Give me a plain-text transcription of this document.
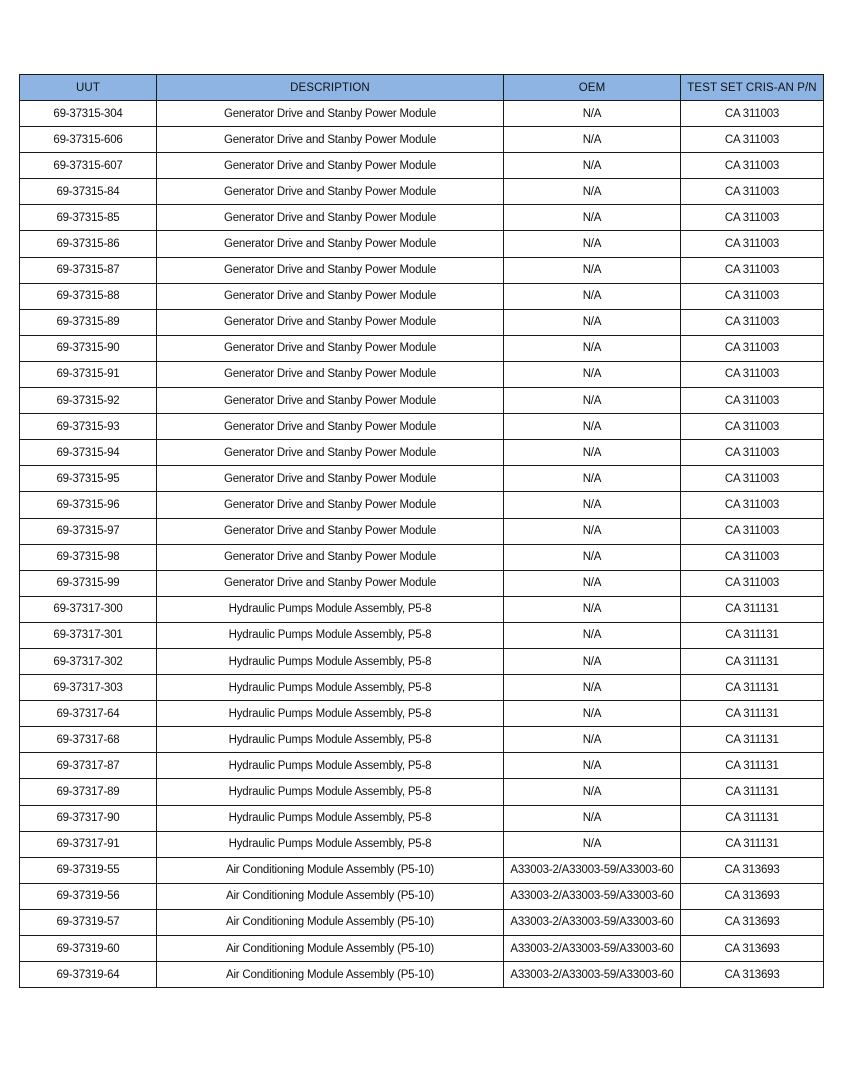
UUT	DESCRIPTION	OEM	TEST SET CRIS-AN P/N
69-37315-304	Generator Drive and Stanby Power Module	N/A	CA 311003
69-37315-606	Generator Drive and Stanby Power Module	N/A	CA 311003
69-37315-607	Generator Drive and Stanby Power Module	N/A	CA 311003
69-37315-84	Generator Drive and Stanby Power Module	N/A	CA 311003
69-37315-85	Generator Drive and Stanby Power Module	N/A	CA 311003
69-37315-86	Generator Drive and Stanby Power Module	N/A	CA 311003
69-37315-87	Generator Drive and Stanby Power Module	N/A	CA 311003
69-37315-88	Generator Drive and Stanby Power Module	N/A	CA 311003
69-37315-89	Generator Drive and Stanby Power Module	N/A	CA 311003
69-37315-90	Generator Drive and Stanby Power Module	N/A	CA 311003
69-37315-91	Generator Drive and Stanby Power Module	N/A	CA 311003
69-37315-92	Generator Drive and Stanby Power Module	N/A	CA 311003
69-37315-93	Generator Drive and Stanby Power Module	N/A	CA 311003
69-37315-94	Generator Drive and Stanby Power Module	N/A	CA 311003
69-37315-95	Generator Drive and Stanby Power Module	N/A	CA 311003
69-37315-96	Generator Drive and Stanby Power Module	N/A	CA 311003
69-37315-97	Generator Drive and Stanby Power Module	N/A	CA 311003
69-37315-98	Generator Drive and Stanby Power Module	N/A	CA 311003
69-37315-99	Generator Drive and Stanby Power Module	N/A	CA 311003
69-37317-300	Hydraulic Pumps Module Assembly, P5-8	N/A	CA 311131
69-37317-301	Hydraulic Pumps Module Assembly, P5-8	N/A	CA 311131
69-37317-302	Hydraulic Pumps Module Assembly, P5-8	N/A	CA 311131
69-37317-303	Hydraulic Pumps Module Assembly, P5-8	N/A	CA 311131
69-37317-64	Hydraulic Pumps Module Assembly, P5-8	N/A	CA 311131
69-37317-68	Hydraulic Pumps Module Assembly, P5-8	N/A	CA 311131
69-37317-87	Hydraulic Pumps Module Assembly, P5-8	N/A	CA 311131
69-37317-89	Hydraulic Pumps Module Assembly, P5-8	N/A	CA 311131
69-37317-90	Hydraulic Pumps Module Assembly, P5-8	N/A	CA 311131
69-37317-91	Hydraulic Pumps Module Assembly, P5-8	N/A	CA 311131
69-37319-55	Air Conditioning Module Assembly (P5-10)	A33003-2/A33003-59/A33003-60	CA 313693
69-37319-56	Air Conditioning Module Assembly (P5-10)	A33003-2/A33003-59/A33003-60	CA 313693
69-37319-57	Air Conditioning Module Assembly (P5-10)	A33003-2/A33003-59/A33003-60	CA 313693
69-37319-60	Air Conditioning Module Assembly (P5-10)	A33003-2/A33003-59/A33003-60	CA 313693
69-37319-64	Air Conditioning Module Assembly (P5-10)	A33003-2/A33003-59/A33003-60	CA 313693
